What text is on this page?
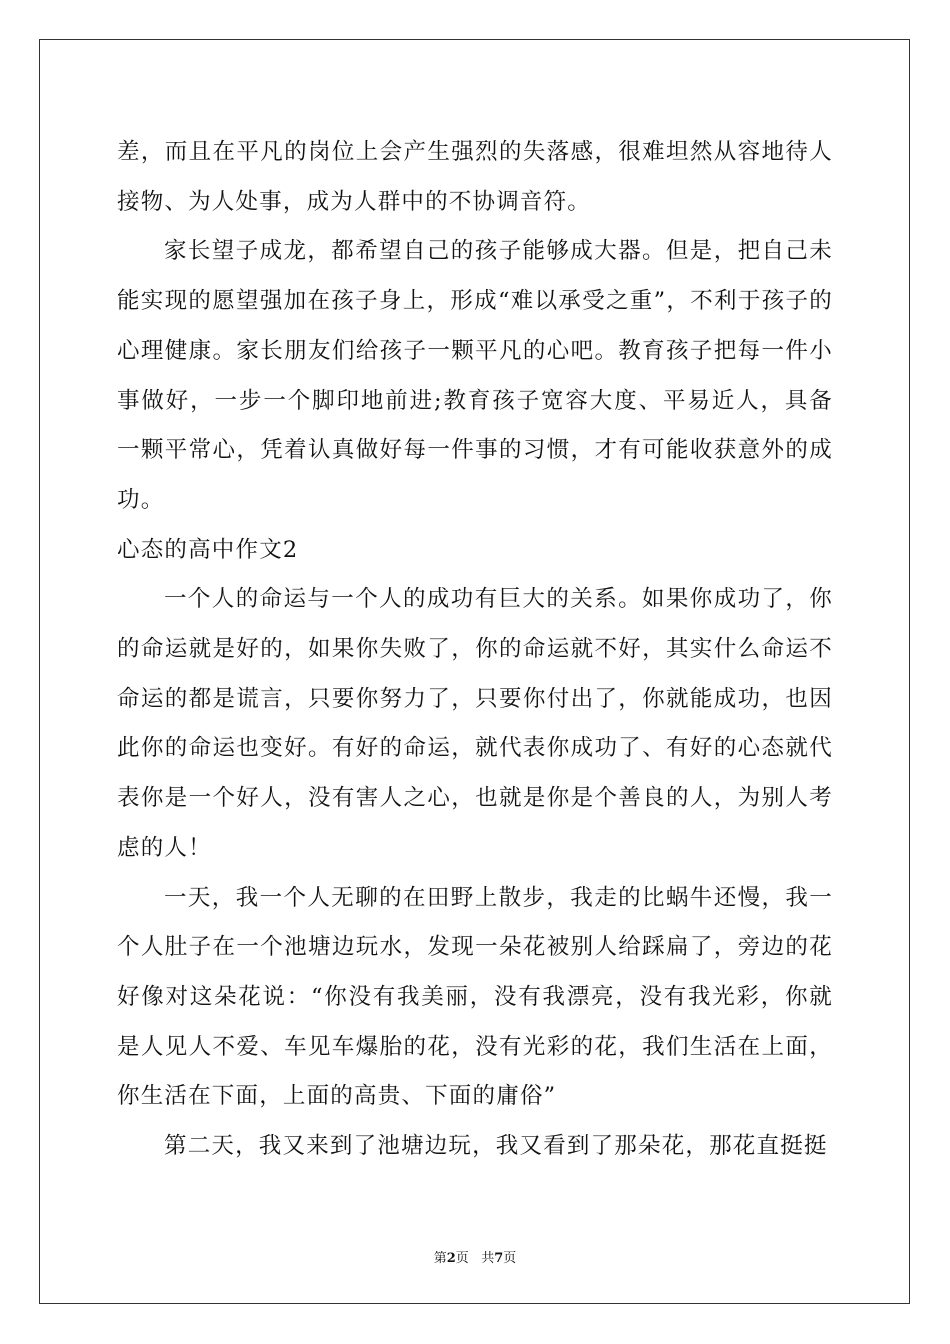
差，而且在平凡的岗位上会产生强烈的失落感，很难坦然从容地待人接物、为人处事，成为人群中的不协调音符。

家长望子成龙，都希望自己的孩子能够成大器。但是，把自己未能实现的愿望强加在孩子身上，形成“难以承受之重”，不利于孩子的心理健康。家长朋友们给孩子一颗平凡的心吧。教育孩子把每一件小事做好，一步一个脚印地前进;教育孩子宽容大度、平易近人，具备一颗平常心，凭着认真做好每一件事的习惯，才有可能收获意外的成功。

心态的高中作文2

一个人的命运与一个人的成功有巨大的关系。如果你成功了，你的命运就是好的，如果你失败了，你的命运就不好，其实什么命运不命运的都是谎言，只要你努力了，只要你付出了，你就能成功，也因此你的命运也变好。有好的命运，就代表你成功了、有好的心态就代表你是一个好人，没有害人之心，也就是你是个善良的人，为别人考虑的人！

一天，我一个人无聊的在田野上散步，我走的比蜗牛还慢，我一个人肚子在一个池塘边玩水，发现一朵花被别人给踩扁了，旁边的花好像对这朵花说：“你没有我美丽，没有我漂亮，没有我光彩，你就是人见人不爱、车见车爆胎的花，没有光彩的花，我们生活在上面，你生活在下面，上面的高贵、下面的庸俗”

第二天，我又来到了池塘边玩，我又看到了那朵花，那花直挺挺

第2页 共7页
